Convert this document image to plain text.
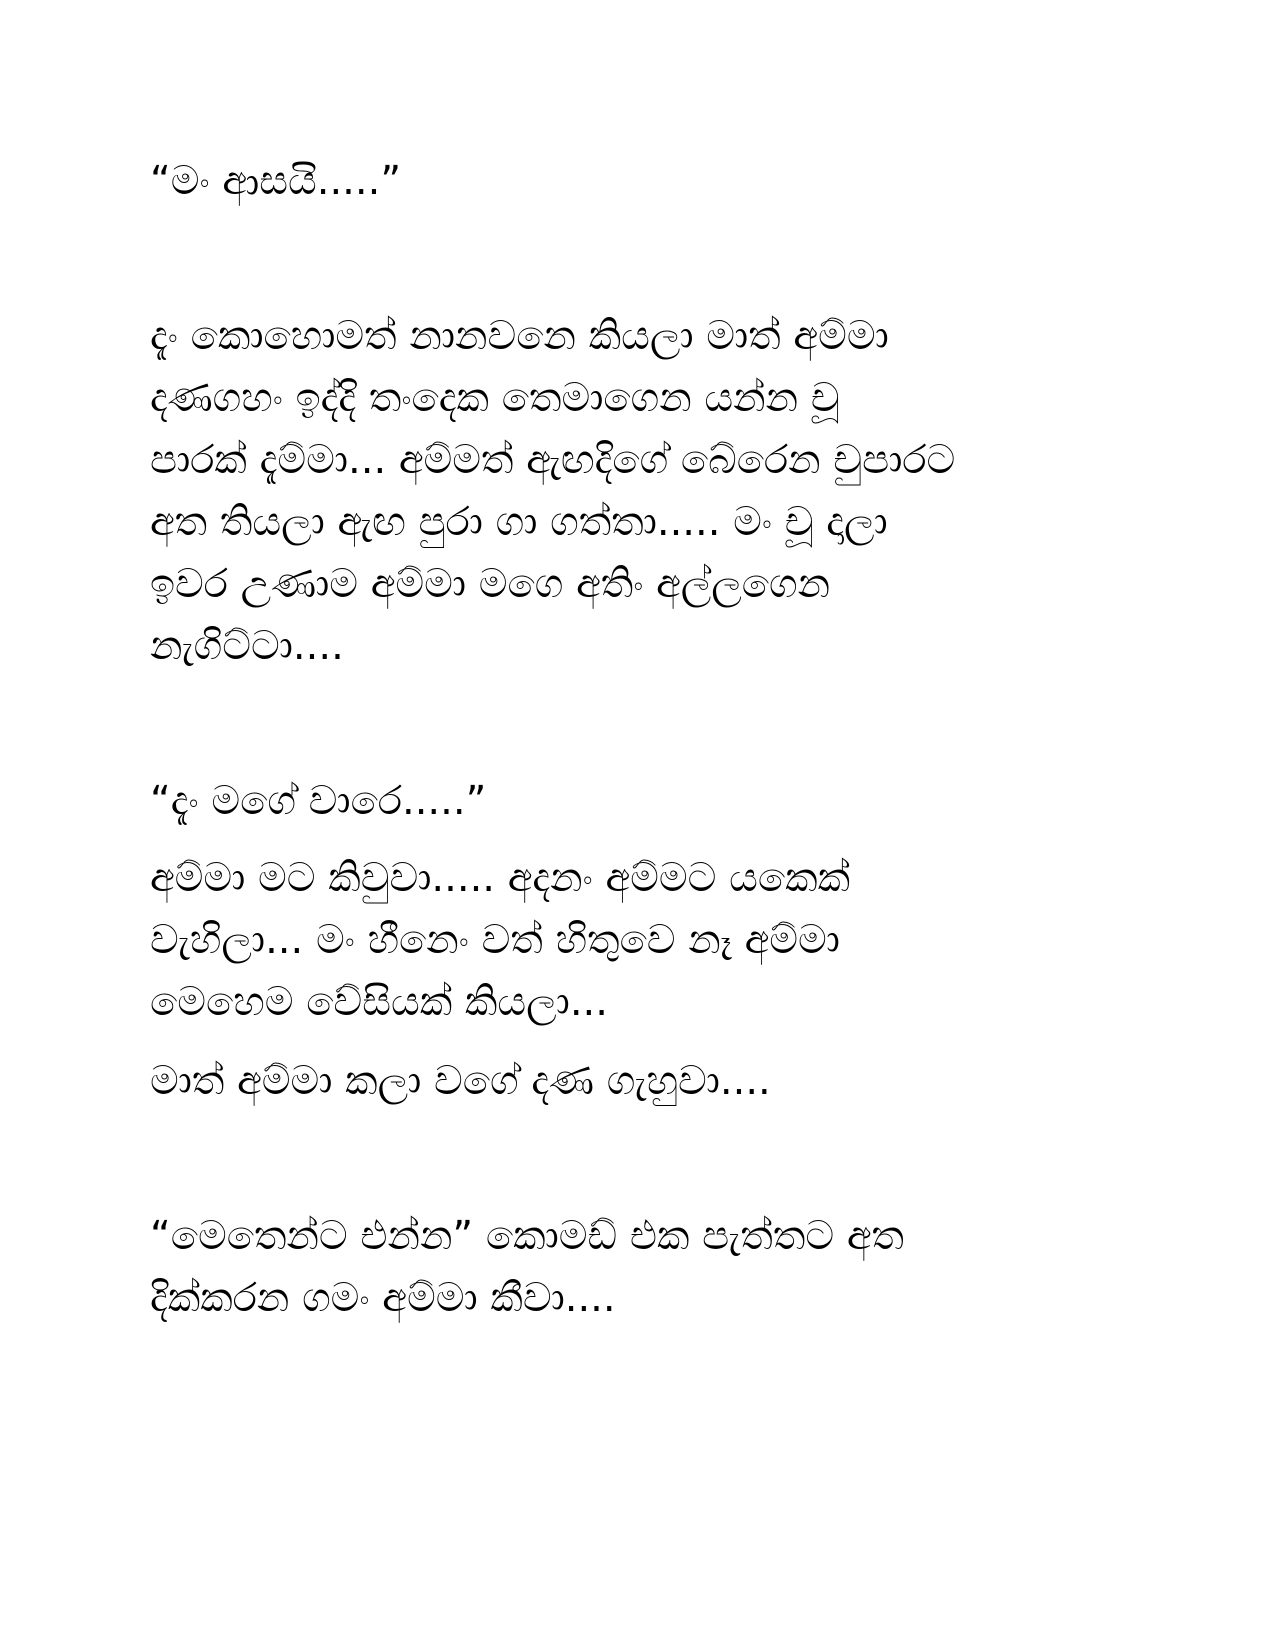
“මං ආසයි.....”

දැං කොහොමත් නානවනෙ කියලා මාත් අම්මා
දණගහං ඉද්දි තංදෙක තෙමාගෙන යන්න චූ
පාරක් දැම්මා... අම්මත් ඇඟදිගේ බේරෙන චුපාරට
අත තියලා ඇඟ පුරා ගා ගත්තා..... මං චූ දාලා
ඉවර උණාම අම්මා මගෙ අතිං අල්ලගෙන
නැගිට්ටා....

“දැං මගේ වාරෙ.....”

අම්මා මට කිවුවා..... අදනං අම්මට යකෙක්
වැහිලා... මං හීනෙං වත් හිතුවෙ නෑ අම්මා
මෙහෙම වේසියක් කියලා...

මාත් අම්මා කලා වගේ දණ ගැහුවා....

“මෙතෙන්ට එන්න” කොමඩ් එක පැත්තට අත
දික්කරන ගමං අම්මා කීවා....
